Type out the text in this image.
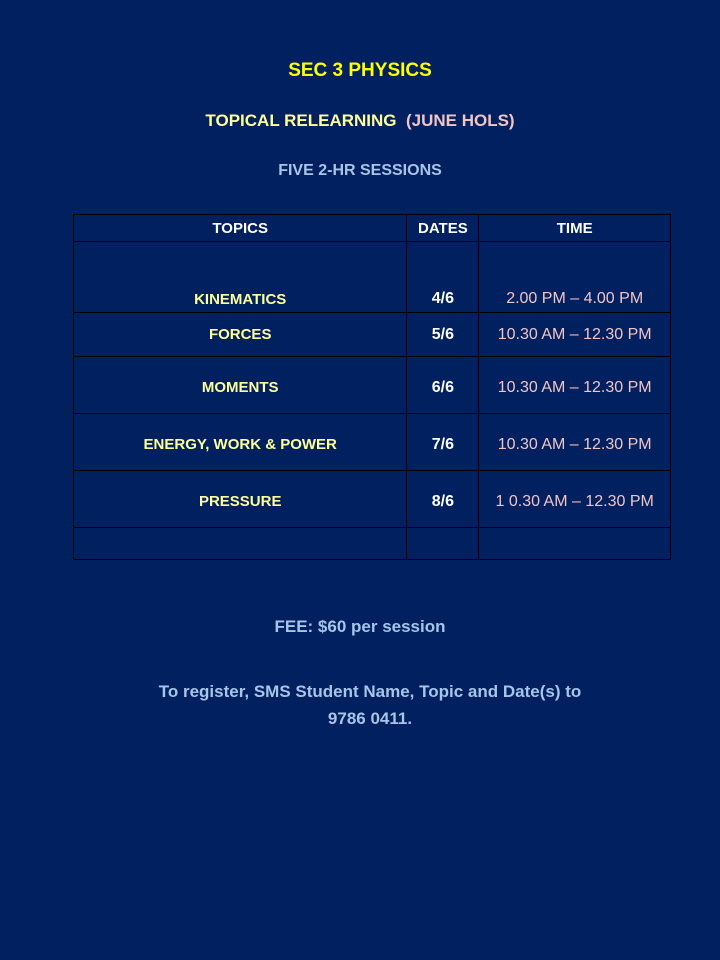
SEC 3 PHYSICS
TOPICAL RELEARNING (JUNE HOLS)
FIVE 2-HR SESSIONS
TOPICS	DATES	TIME
KINEMATICS	4/6	2.00 PM – 4.00 PM
FORCES	5/6	10.30 AM – 12.30 PM
MOMENTS	6/6	10.30 AM – 12.30 PM
ENERGY, WORK & POWER	7/6	10.30 AM – 12.30 PM
PRESSURE	8/6	1 0.30 AM – 12.30 PM

FEE: $60 per session
To register, SMS Student Name, Topic and Date(s) to
9786 0411.
